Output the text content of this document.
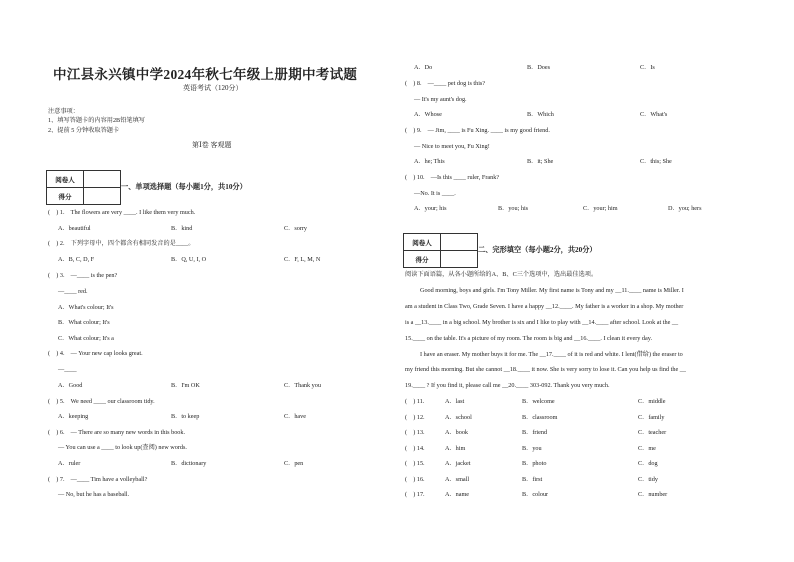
中江县永兴镇中学2024年秋七年级上册期中考试题
英语考试（120分）
注意事项：
1、填写答题卡的内容用2B铅笔填写
2、提前 5 分钟收取答题卡
第Ⅰ卷 客观题
阅卷人	
得分	
一、单项选择题（每小题1分，共10分）
(　) 1.　The flowers are very ____. I like them very much.
A．beautiful	B．kind	C．sorry
(　) 2.　下列字母中，四个都含有相同发音的是____。
A．B, C, D, F	B．Q, U, I, O	C．F, L, M, N
(　) 3.　—____ is the pen?
—____ red.
A．What's colour; It's
B．What colour; It's
C．What colour; It's a
(　) 4.　— Your new cap looks great.
—____
A．Good	B．I'm OK	C．Thank you
(　) 5.　We need ____ our classroom tidy.
A．keeping	B．to keep	C．have
(　) 6.　— There are so many new words in this book.
— You can use a ____ to look up(查阅) new words.
A．ruler	B．dictionary	C．pen
(　) 7.　—____ Tim have a volleyball?
— No, but he has a baseball.
A．Do	B．Does	C．Is
(　) 8.　—____ pet dog is this?
— It's my aunt's dog.
A．Whose	B．Which	C．What's
(　) 9.　— Jim, ____ is Fu Xing. ____ is my good friend.
— Nice to meet you, Fu Xing!
A．he; This	B．it; She	C．this; She
(　) 10.　—Is this ____ ruler, Frank?
—No. It is ____.
A．your; his	B．you; his	C．your; him	D．you; hers
阅卷人	
得分	
二、完形填空（每小题2分，共20分）
阅读下面语篇，从各小题所给的A、B、C三个选项中，选出最佳选项。
Good morning, boys and girls. I'm Tony Miller. My first name is Tony and my __11.____ name is Miller. I
am a student in Class Two, Grade Seven. I have a happy __12.____. My father is a worker in a shop. My mother
is a __13.____ in a big school. My brother is six and I like to play with __14.____ after school. Look at the __
15.____ on the table. It's a picture of my room. The room is big and __16.____. I clean it every day.
I have an eraser. My mother buys it for me. The __17.____ of it is red and white. I lent(借给) the eraser to
my friend this morning. But she cannot __18.____ it now. She is very sorry to lose it. Can you help us find the __
19.____ ? If you find it, please call me __20.____ 303-092. Thank you very much.
(　) 11.	A．last	B．welcome	C．middle
(　) 12.	A．school	B．classroom	C．family
(　) 13.	A．book	B．friend	C．teacher
(　) 14.	A．him	B．you	C．me
(　) 15.	A．jacket	B．photo	C．dog
(　) 16.	A．small	B．first	C．tidy
(　) 17.	A．name	B．colour	C．number
